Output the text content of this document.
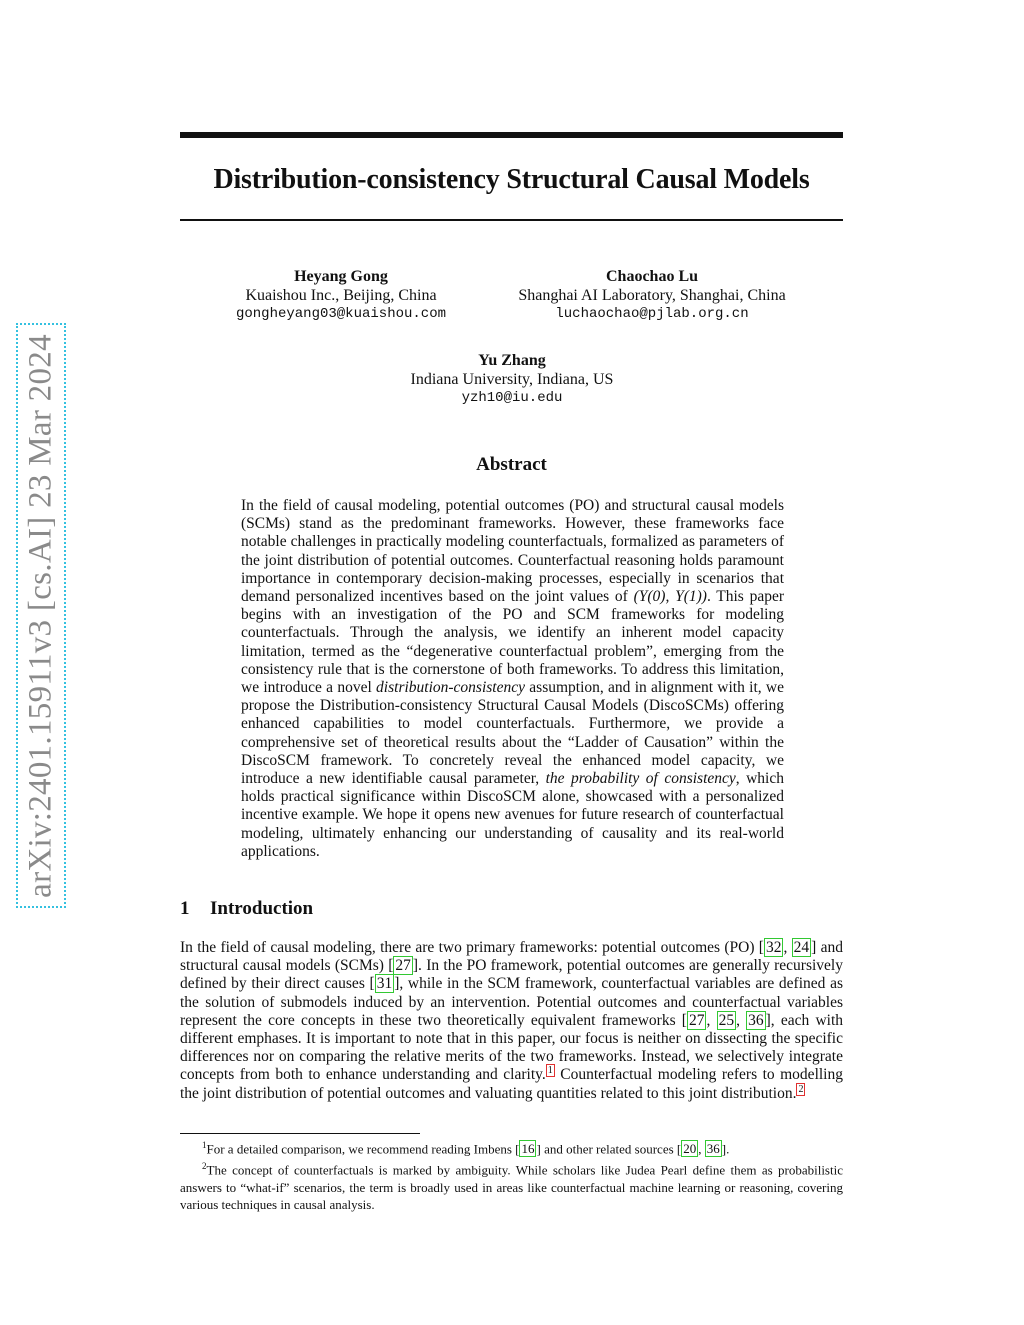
arXiv:2401.15911v3 [cs.AI] 23 Mar 2024
Distribution-consistency Structural Causal Models
Heyang Gong
Kuaishou Inc., Beijing, China
gongheyang03@kuaishou.com
Chaochao Lu
Shanghai AI Laboratory, Shanghai, China
luchaochao@pjlab.org.cn
Yu Zhang
Indiana University, Indiana, US
yzh10@iu.edu
Abstract

In the field of causal modeling, potential outcomes (PO) and structural causal models (SCMs) stand as the predominant frameworks. However, these frameworks face notable challenges in practically modeling counterfactuals, formalized as parameters of the joint distribution of potential outcomes. Counterfactual reasoning holds paramount importance in contemporary decision-making processes, especially in scenarios that demand personalized incentives based on the joint values of (Y(0), Y(1)). This paper begins with an investigation of the PO and SCM frameworks for modeling counterfactuals. Through the analysis, we identify an inherent model capacity limitation, termed as the “degenerative counterfactual problem”, emerging from the consistency rule that is the cornerstone of both frameworks. To address this limitation, we introduce a novel distribution-consistency assumption, and in alignment with it, we propose the Distribution-consistency Structural Causal Models (DiscoSCMs) offering enhanced capabilities to model counterfactuals. Furthermore, we provide a comprehensive set of theoretical results about the “Ladder of Causation” within the DiscoSCM framework. To concretely reveal the enhanced model capacity, we introduce a new identifiable causal parameter, the probability of consistency, which holds practical significance within DiscoSCM alone, showcased with a personalized incentive example. We hope it opens new avenues for future research of counterfactual modeling, ultimately enhancing our understanding of causality and its real-world applications.

1 Introduction

In the field of causal modeling, there are two primary frameworks: potential outcomes (PO) [ 32 , 24 ] and structural causal models (SCMs) [ 27 ]. In the PO framework, potential outcomes are generally recursively defined by their direct causes [ 31 ], while in the SCM framework, counterfactual variables are defined as the solution of submodels induced by an intervention. Potential outcomes and counterfactual variables represent the core concepts in these two theoretically equivalent frameworks [ 27 , 25 , 36 ], each with different emphases. It is important to note that in this paper, our focus is neither on dissecting the specific differences nor on comparing the relative merits of the two frameworks. Instead, we selectively integrate concepts from both to enhance understanding and clarity. $^1$ Counterfactual modeling refers to modelling the joint distribution of potential outcomes and valuating quantities related to this joint distribution. $^2$

$^1$For a detailed comparison, we recommend reading Imbens [ 16 ] and other related sources [ 20 , 36 ].

$^2$The concept of counterfactuals is marked by ambiguity. While scholars like Judea Pearl define them as probabilistic answers to “what-if” scenarios, the term is broadly used in areas like counterfactual machine learning or reasoning, covering various techniques in causal analysis.
